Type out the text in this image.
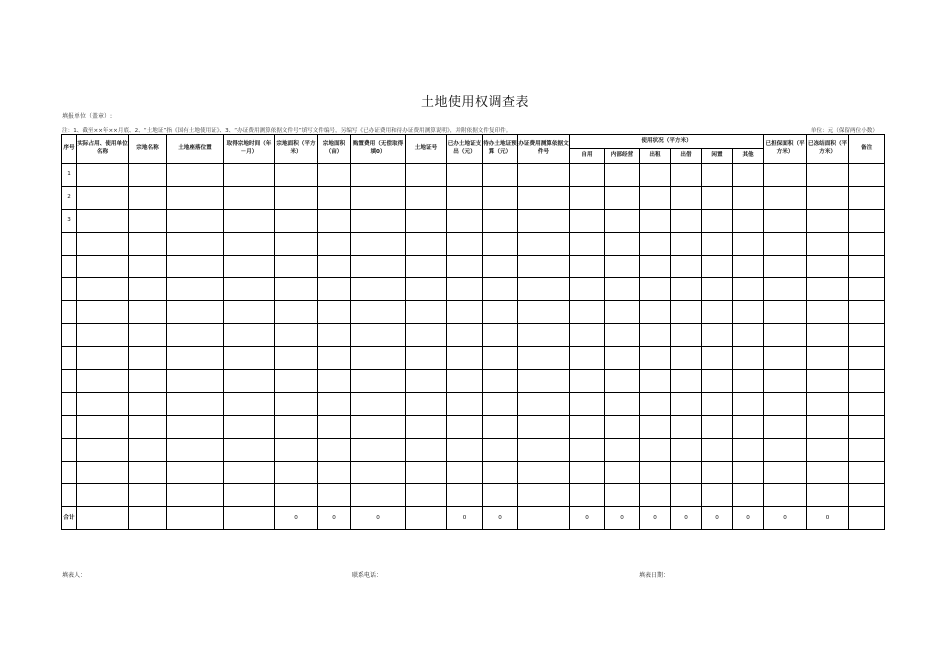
土地使用权调查表
填报单位（盖章）:
注：1、截至××年××月底、2、“土地证”指《国有土地使用证》、3、“办证费用测算依据文件号”填写文件编号，另编写《已办证费用和待办证费用测算说明》，并附依据文件复印件。	单位：元（保留两位小数）
序号	实际占用、使用单位名称	宗地名称	土地座落位置	取得宗地时间（年－月）	宗地面积（平方米）	宗地面积（亩）	购置费用（无偿取得填0）	土地证号	已办土地证支出（元）	待办土地证预算（元）	办证费用测算依据文件号	使用状况（平方米）						已担保面积（平方米）	已冻结面积（平方米）	备注
												自用	内部经营	出租	出借	闲置	其他			
1																				
2																				
3																				

合计					0	0	0		0	0		0	0	0	0	0	0	0	0	
填表人：	联系电话：	填表日期：
